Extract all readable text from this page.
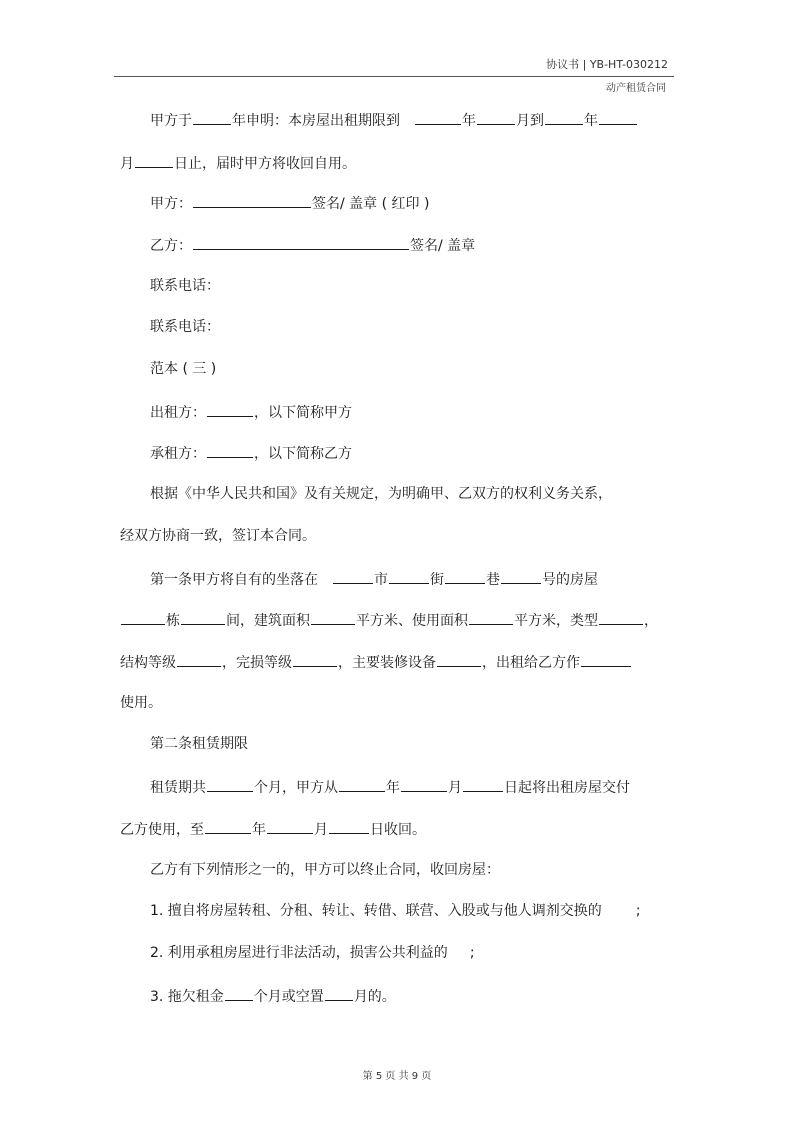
协议书 | YB-HT-030212
动产租赁合同
甲方于	年申明：本房屋出租期限到	年	月到	年
月	日止，届时甲方将收回自用。
甲方：	签名/ 盖章 ( 红印 )
乙方：	签名/ 盖章
联系电话：
联系电话：
范本 ( 三 )
出租方：	，以下简称甲方
承租方：	，以下简称乙方
根据《中华人民共和国》及有关规定，为明确甲、乙双方的权利义务关系，
经双方协商一致，签订本合同。
第一条甲方将自有的坐落在	市	街	巷	号的房屋
栋	间，建筑面积	平方米、使用面积	平方米，类型	，
结构等级	，完损等级	，主要装修设备	，出租给乙方作
使用。
第二条租赁期限
租赁期共	个月，甲方从	年	月	日起将出租房屋交付
乙方使用，至	年	月	日收回。
乙方有下列情形之一的，甲方可以终止合同，收回房屋：
1. 擅自将房屋转租、分租、转让、转借、联营、入股或与他人调剂交换的 ;
2. 利用承租房屋进行非法活动，损害公共利益的 ;
3. 拖欠租金 个月或空置 月的。
第 5 页 共 9 页
